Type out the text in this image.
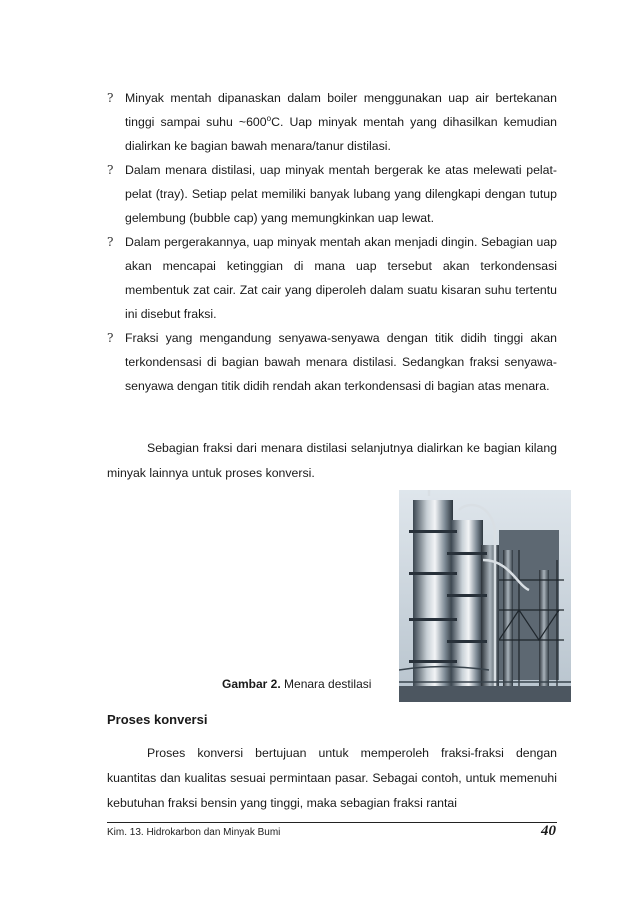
? Minyak mentah dipanaskan dalam boiler menggunakan uap air bertekanan tinggi sampai suhu ~600$^o$C. Uap minyak mentah yang dihasilkan kemudian dialirkan ke bagian bawah menara/tanur distilasi.
? Dalam menara distilasi, uap minyak mentah bergerak ke atas melewati pelat-pelat (tray). Setiap pelat memiliki banyak lubang yang dilengkapi dengan tutup gelembung (bubble cap) yang memungkinkan uap lewat.
? Dalam pergerakannya, uap minyak mentah akan menjadi dingin. Sebagian uap akan mencapai ketinggian di mana uap tersebut akan terkondensasi membentuk zat cair. Zat cair yang diperoleh dalam suatu kisaran suhu tertentu ini disebut fraksi.
? Fraksi yang mengandung senyawa-senyawa dengan titik didih tinggi akan terkondensasi di bagian bawah menara distilasi. Sedangkan fraksi senyawa-senyawa dengan titik didih rendah akan terkondensasi di bagian atas menara.

Sebagian fraksi dari menara distilasi selanjutnya dialirkan ke bagian kilang minyak lainnya untuk proses konversi.

Gambar 2. Menara destilasi
Proses konversi

Proses konversi bertujuan untuk memperoleh fraksi-fraksi dengan kuantitas dan kualitas sesuai permintaan pasar. Sebagai contoh, untuk memenuhi kebutuhan fraksi bensin yang tinggi, maka sebagian fraksi rantai

Kim. 13. Hidrokarbon dan Minyak Bumi	40
